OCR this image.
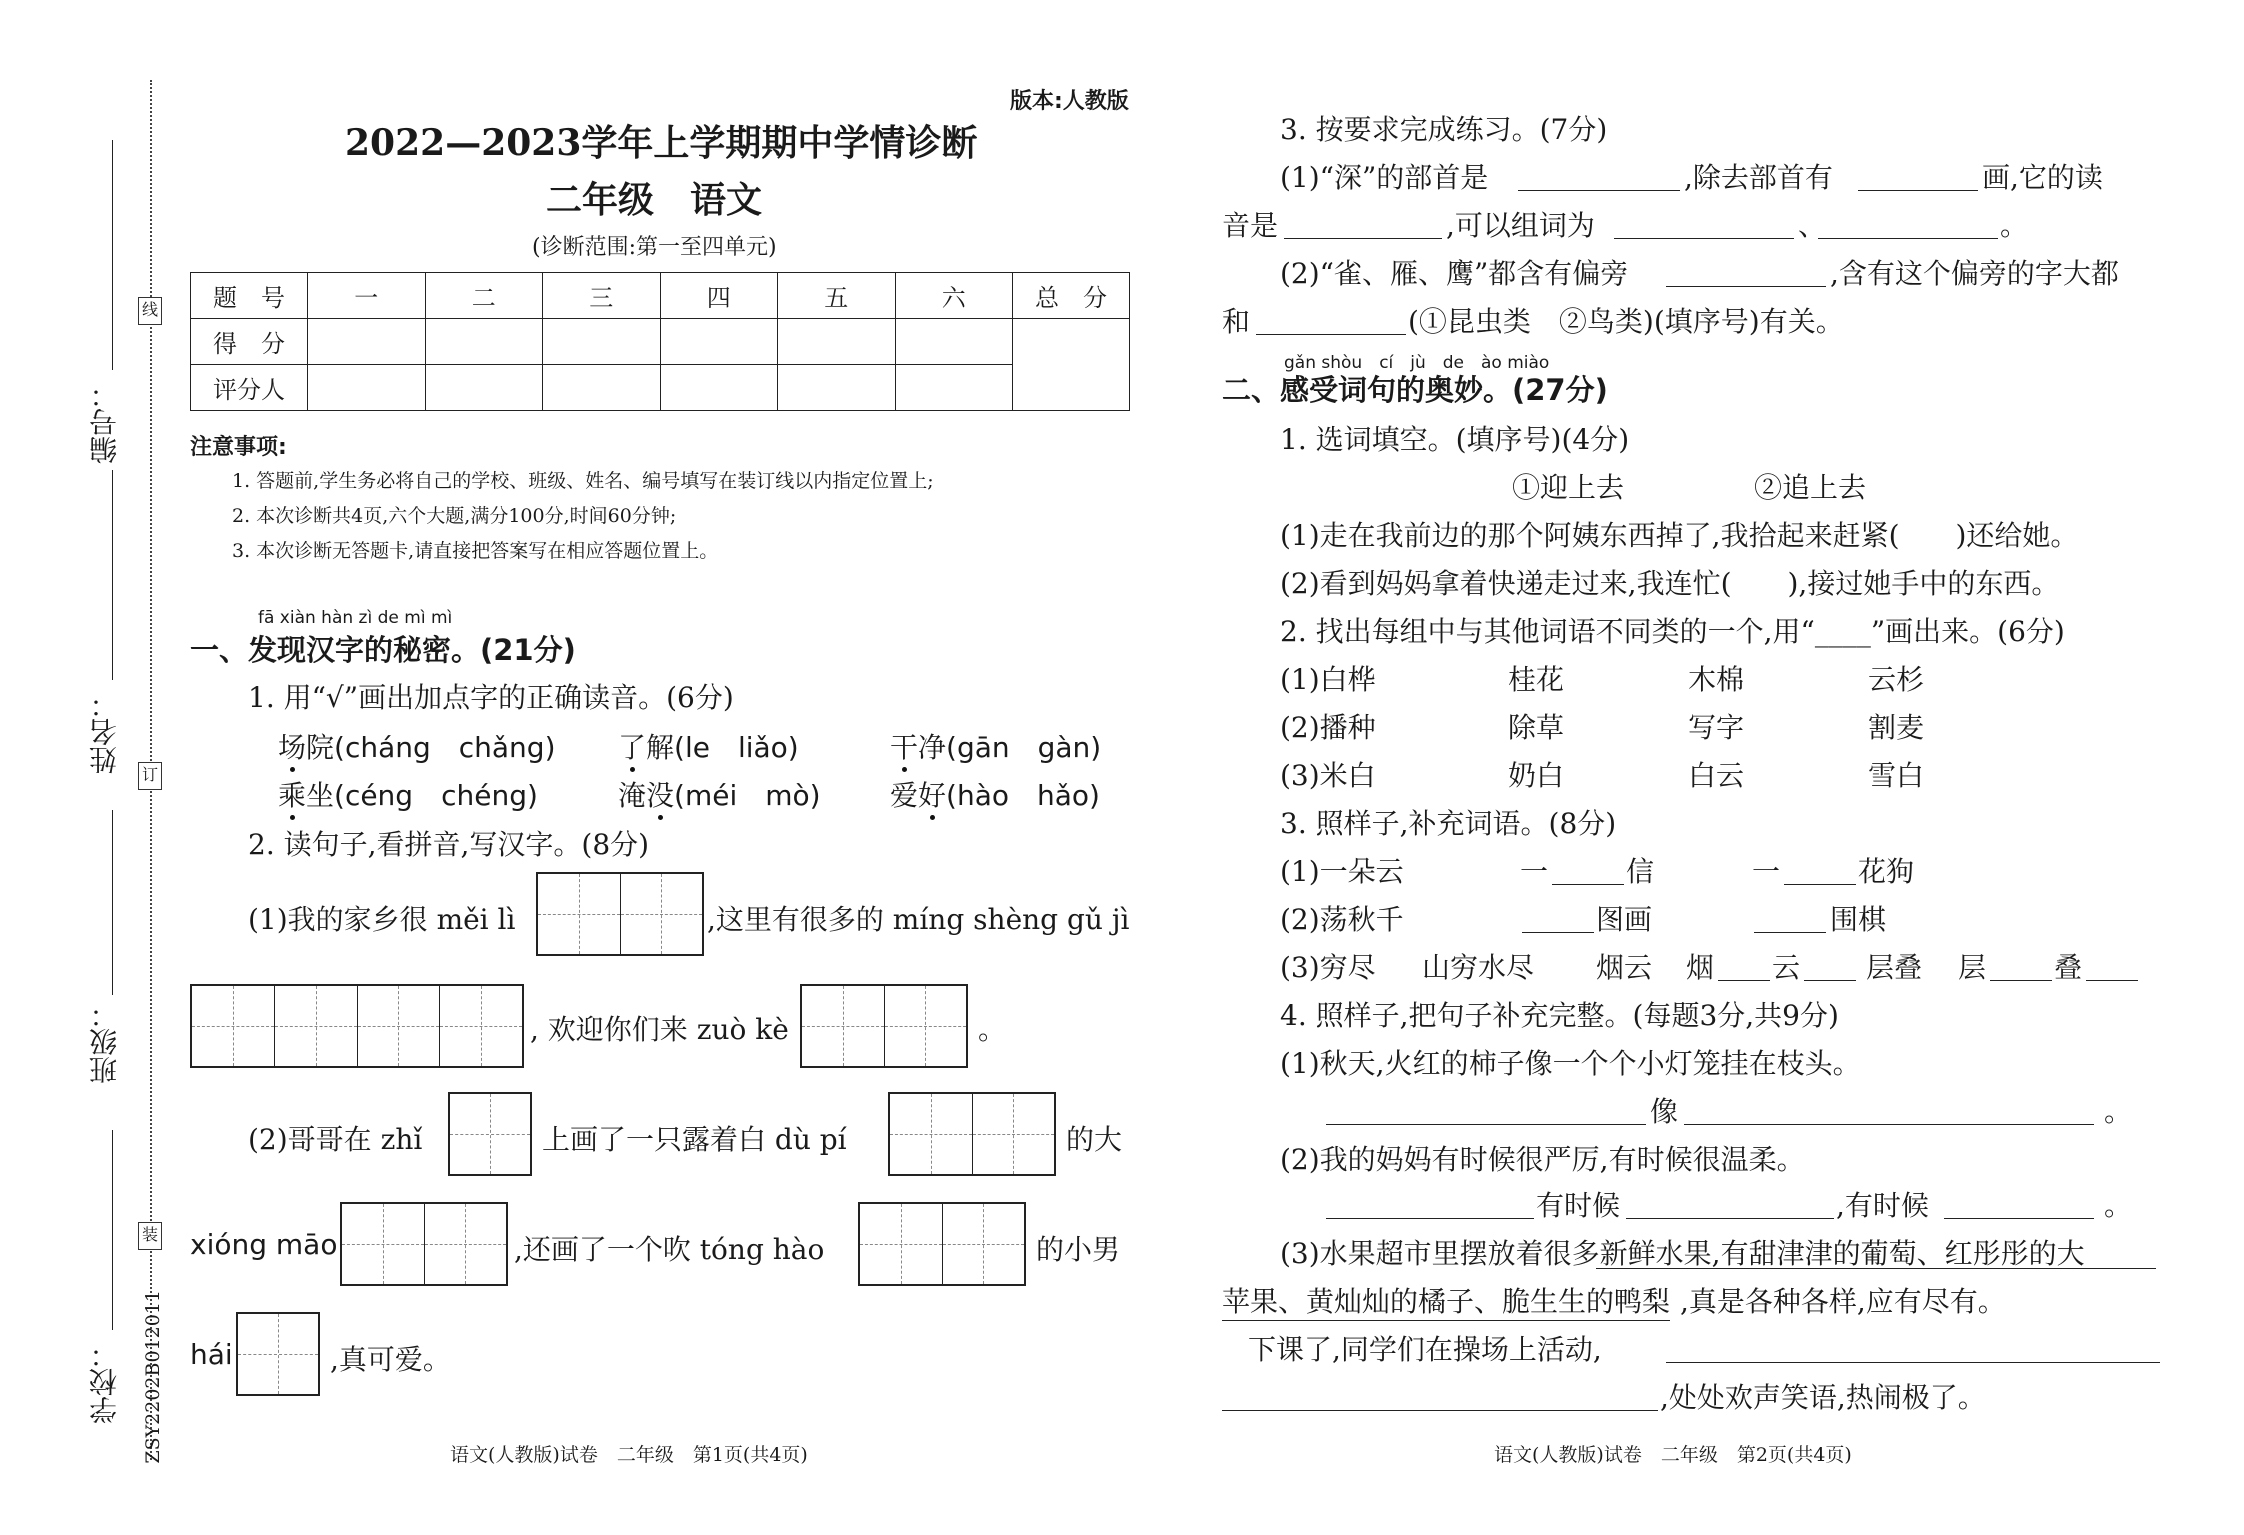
线
订
装
编号：
姓名：
班级：
学校： ZSY2202B012011
版本:人教版
2022—2023学年上学期期中学情诊断
二年级　语文
(诊断范围:第一至四单元)
题　号	一	二	三	四	五	六	总　分
得　分							
评分人							
注意事项:
1. 答题前,学生务必将自己的学校、班级、姓名、编号填写在装订线以内指定位置上;
2. 本次诊断共4页,六个大题,满分100分,时间60分钟;
3. 本次诊断无答题卡,请直接把答案写在相应答题位置上。
fā xiàn hàn zì de mì mì
一、发现汉字的秘密。(21分)
1. 用“√”画出加点字的正确读音。(6分)
场院(cháng　chǎng) 了解(le　liǎo)	干净(gān　gàn)
乘坐(céng　chéng)	淹没(méi　mò) 爱好(hào　hǎo)
2. 读句子,看拼音,写汉字。(8分)
(1)我的家乡很 měi lì	,这里有很多的 míng shèng gǔ jì
, 欢迎你们来 zuò kè	。
(2)哥哥在 zhǐ	上画了一只露着白 dù pí	的大
xióng māo	,还画了一个吹 tóng hào	的小男
hái	,真可爱。
语文(人教版)试卷　二年级　第1页(共4页)
3. 按要求完成练习。(7分)
(1)“深”的部首是	,除去部首有	画,它的读
音是	,可以组词为	、	。
(2)“雀、雁、鹰”都含有偏旁	,含有这个偏旁的字大都
和	(①昆虫类　②鸟类)(填序号)有关。
gǎn shòu　cí　jù　de　ào miào
二、感受词句的奥妙。(27分)
1. 选词填空。(填序号)(4分)
①迎上去	②追上去
(1)走在我前边的那个阿姨东西掉了,我拾起来赶紧(　　)还给她。
(2)看到妈妈拿着快递走过来,我连忙(　　),接过她手中的东西。
2. 找出每组中与其他词语不同类的一个,用“____”画出来。(6分)
(1)白桦	桂花	木棉	云杉
(2)播种	除草	写字	割麦
(3)米白	奶白	白云	雪白
3. 照样子,补充词语。(8分)
(1)一朵云	一	信	一	花狗
(2)荡秋千	图画	围棋
(3)穷尽 山穷水尽 烟云 烟 云 层叠 层 叠
4. 照样子,把句子补充完整。(每题3分,共9分)
(1)秋天,火红的柿子像一个个小灯笼挂在枝头。
像	。
(2)我的妈妈有时候很严厉,有时候很温柔。
有时候	,有时候	。
(3)水果超市里摆放着很多新鲜水果,有甜津津的葡萄、红彤彤的大
苹果、黄灿灿的橘子、脆生生的鸭梨 ,真是各种各样,应有尽有。
下课了,同学们在操场上活动,
,处处欢声笑语,热闹极了。
语文(人教版)试卷　二年级　第2页(共4页)
